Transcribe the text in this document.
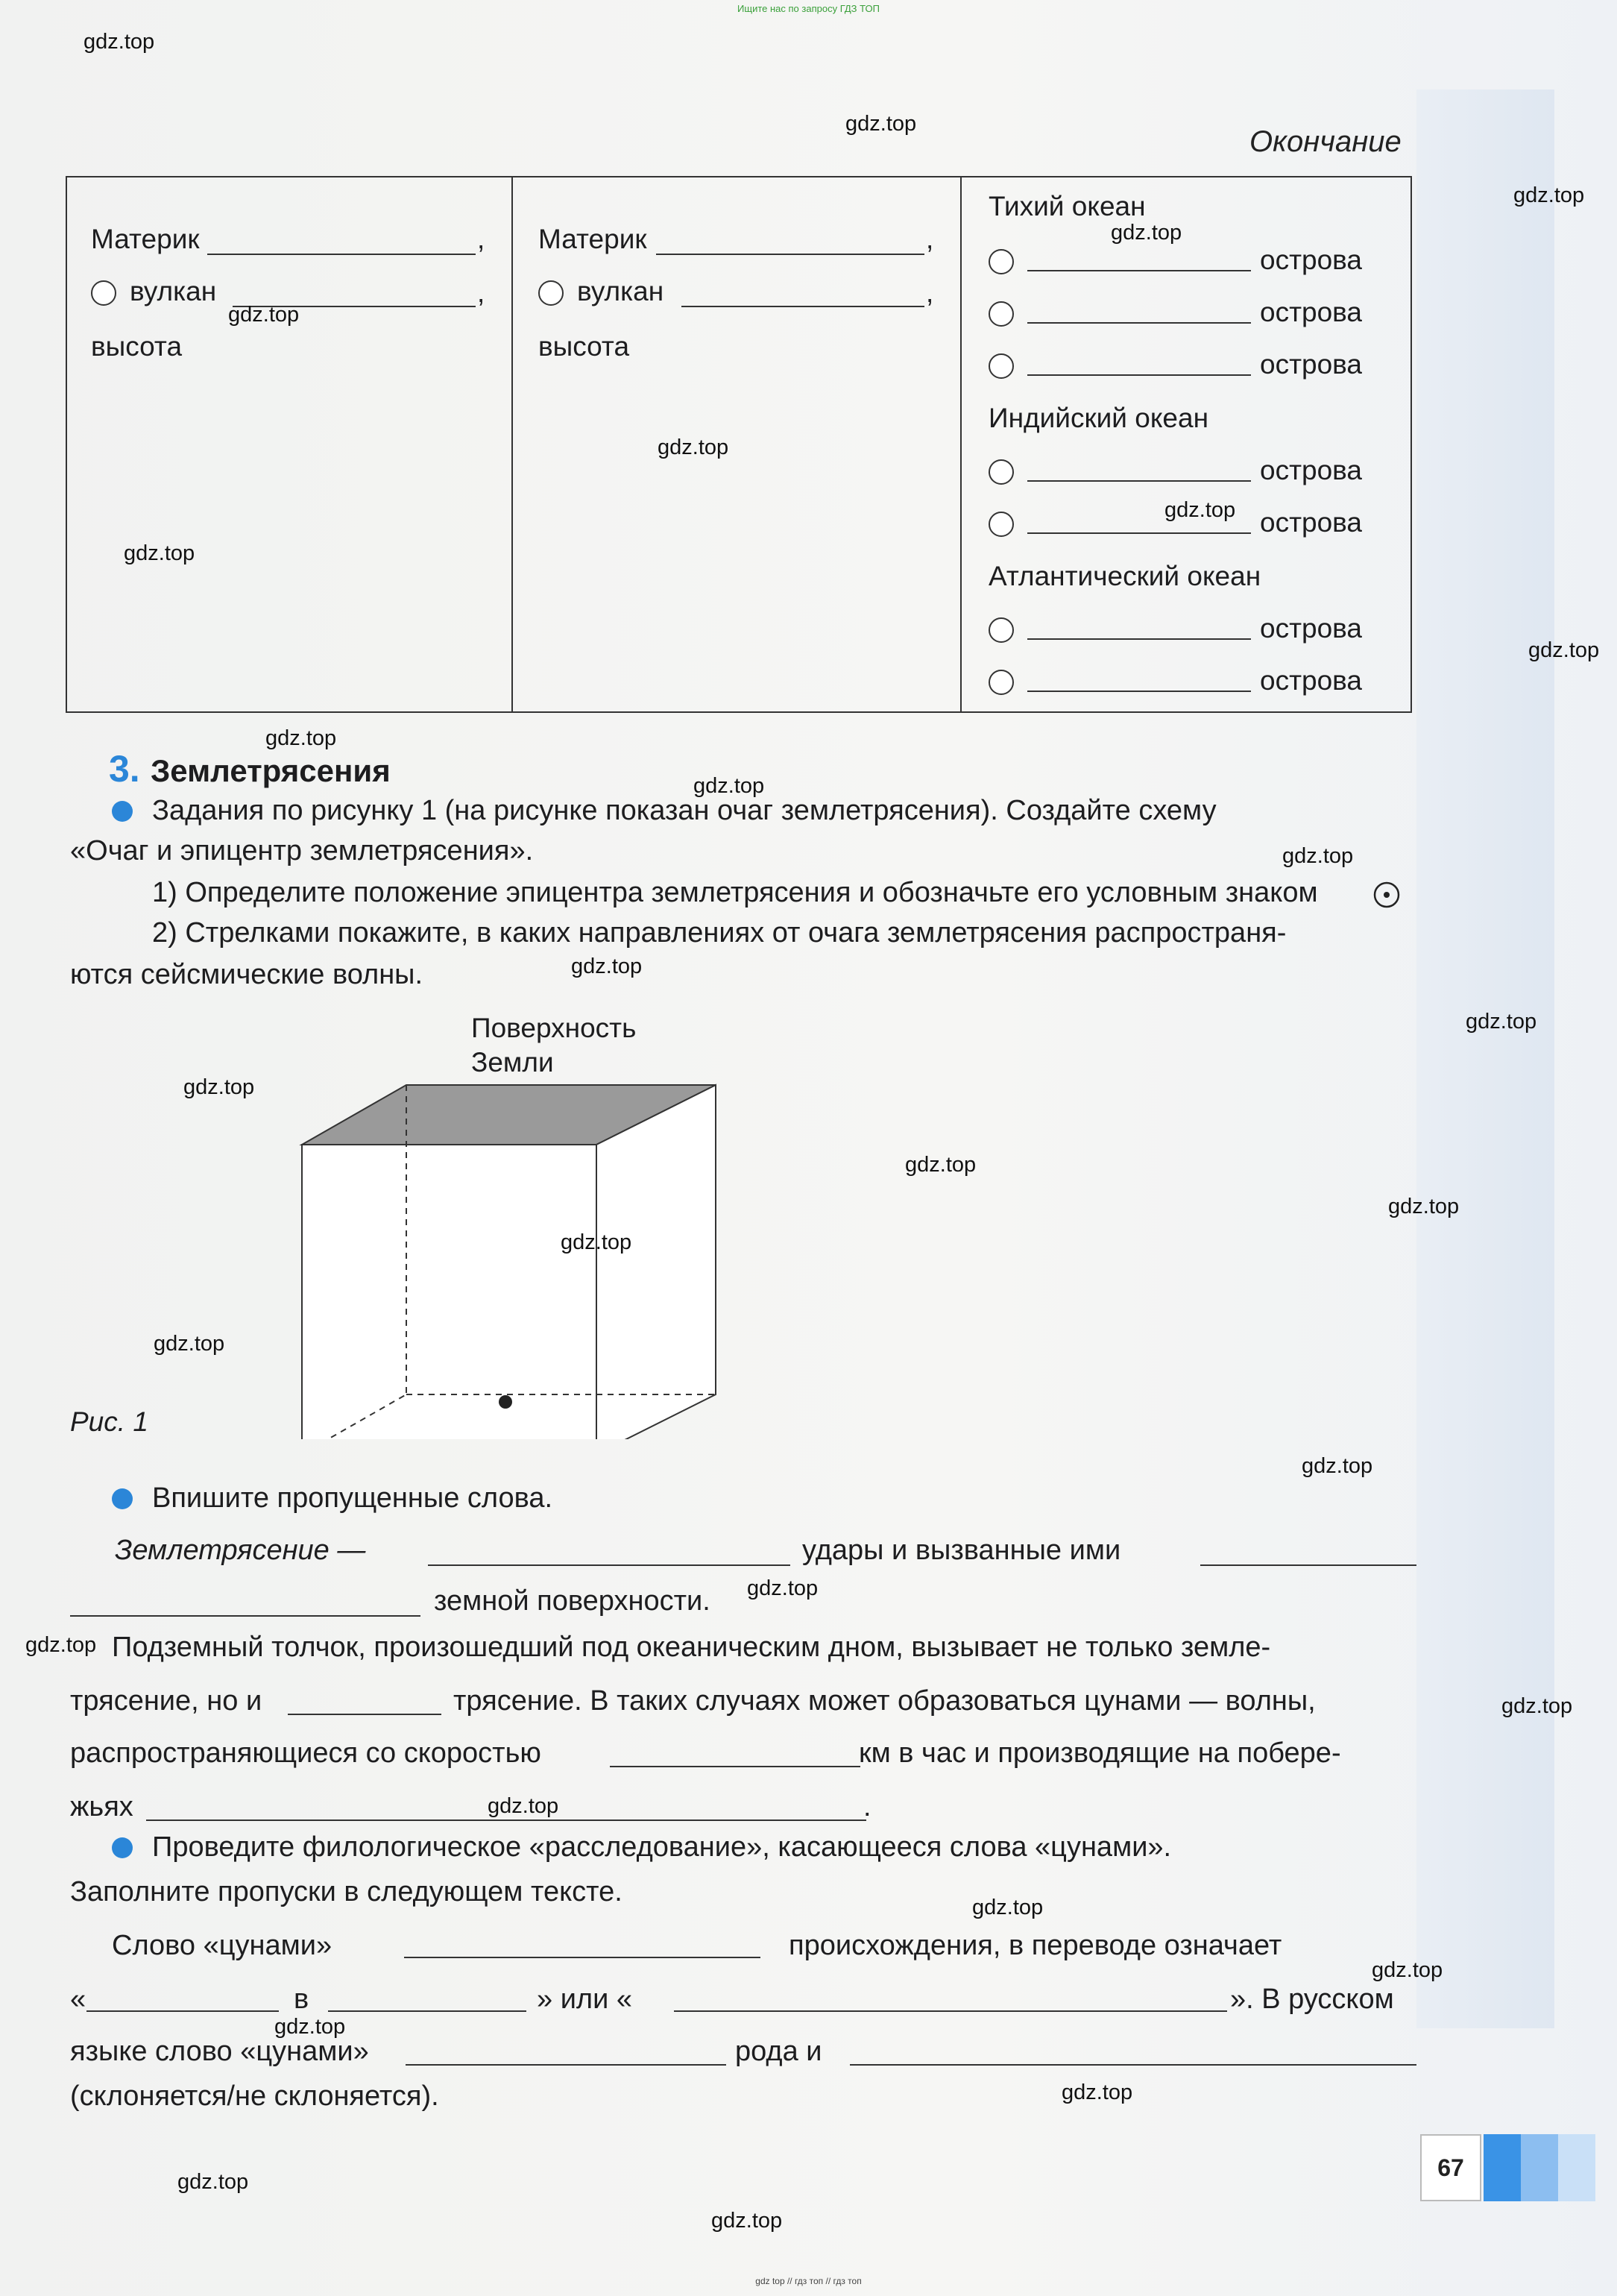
Ищите нас по запросу ГДЗ ТОП
Окончание
Материк	,
вулкан	,
высота
Материк	,
вулкан	,
высота
Тихий океан
острова
острова
острова
Индийский океан
острова
острова
Атлантический океан
острова
острова
3. Землетрясения
Задания по рисунку 1 (на рисунке показан очаг землетрясения). Создайте схему
«Очаг и эпицентр землетрясения».
1) Определите положение эпицентра землетрясения и обозначьте его условным знаком
2) Стрелками покажите, в каких направлениях от очага землетрясения распространя-
ются сейсмические волны.
Поверхность
Земли
Рис. 1
Впишите пропущенные слова.
Землетрясение —	удары и вызванные ими
земной поверхности.
Подземный толчок, произошедший под океаническим дном, вызывает не только земле-
трясение, но и	трясение. В таких случаях может образоваться цунами — волны,
распространяющиеся со скоростью	км в час и производящие на побере-
жьях	.
Проведите филологическое «расследование», касающееся слова «цунами».
Заполните пропуски в следующем тексте.
Слово «цунами»	происхождения, в переводе означает
«	в	» или «	». В русском
языке слово «цунами»	рода и
(склоняется/не склоняется).
67
gdz top // гдз топ // гдз топ
gdz.top
gdz.top
gdz.top
gdz.top
gdz.top
gdz.top
gdz.top
gdz.top
gdz.top
gdz.top
gdz.top
gdz.top
gdz.top
gdz.top
gdz.top
gdz.top
gdz.top
gdz.top
gdz.top
gdz.top
gdz.top
gdz.top
gdz.top
gdz.top
gdz.top
gdz.top
gdz.top
gdz.top
gdz.top
gdz.top
